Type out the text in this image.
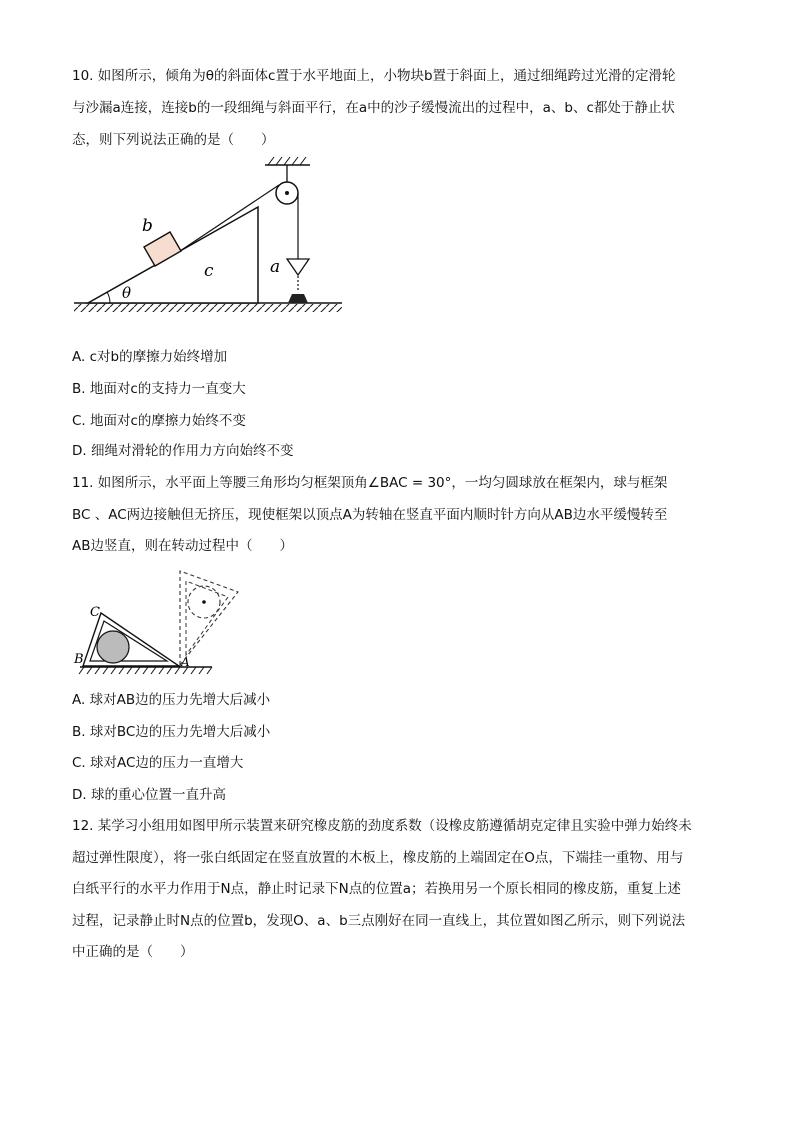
10. 如图所示，倾角为θ的斜面体c置于水平地面上，小物块b置于斜面上，通过细绳跨过光滑的定滑轮
与沙漏a连接，连接b的一段细绳与斜面平行，在a中的沙子缓慢流出的过程中，a、b、c都处于静止状
态，则下列说法正确的是（　　）
θ
b
c	a
A. c对b的摩擦力始终增加
B. 地面对c的支持力一直变大
C. 地面对c的摩擦力始终不变
D. 细绳对滑轮的作用力方向始终不变
11. 如图所示，水平面上等腰三角形均匀框架顶角∠BAC = 30°，一均匀圆球放在框架内，球与框架
BC 、AC两边接触但无挤压，现使框架以顶点A为转轴在竖直平面内顺时针方向从AB边水平缓慢转至
AB边竖直，则在转动过程中（　　）
C
B	A
A. 球对AB边的压力先增大后减小
B. 球对BC边的压力先增大后减小
C. 球对AC边的压力一直增大
D. 球的重心位置一直升高
12. 某学习小组用如图甲所示装置来研究橡皮筋的劲度系数（设橡皮筋遵循胡克定律且实验中弹力始终未
超过弹性限度），将一张白纸固定在竖直放置的木板上，橡皮筋的上端固定在O点，下端挂一重物、用与
白纸平行的水平力作用于N点，静止时记录下N点的位置a；若换用另一个原长相同的橡皮筋，重复上述
过程，记录静止时N点的位置b，发现O、a、b三点刚好在同一直线上，其位置如图乙所示，则下列说法
中正确的是（　　）
